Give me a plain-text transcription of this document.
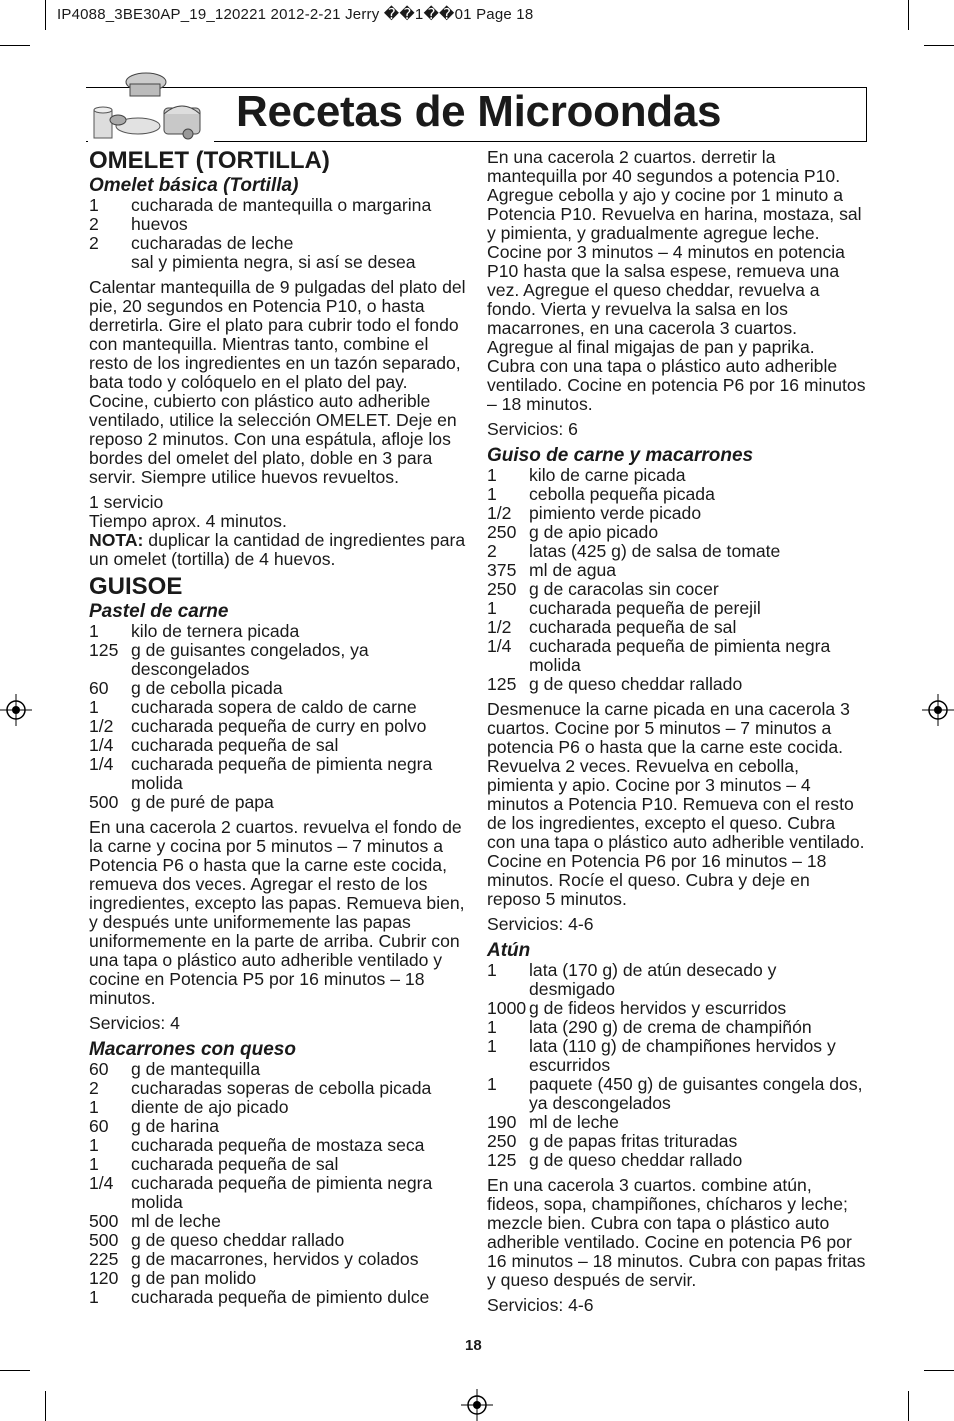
IP4088_3BE30AP_19_120221 2012-2-21 Jerry ��1��01 Page 18
Recetas de Microondas
OMELET (TORTILLA)
Omelet básica (Tortilla)
1	cucharada de mantequilla o margarina
2	huevos
2	cucharadas de leche
sal y pimienta negra, si así se desea

Calentar mantequilla de 9 pulgadas del plato del pie, 20 segundos en Potencia P10, o hasta derretirla. Gire el plato para cubrir todo el fondo con mantequilla. Mientras tanto, combine el resto de los ingredientes en un tazón separado, bata todo y colóquelo en el plato del pay. Cocine, cubierto con plástico auto adherible ventilado, utilice la selección OMELET. Deje en reposo 2 minutos. Con una espátula, afloje los bordes del omelet del plato, doble en 3 para servir. Siempre utilice huevos revueltos.

1 servicio

Tiempo aprox. 4 minutos.

NOTA: duplicar la cantidad de ingredientes para un omelet (tortilla) de 4 huevos.

GUISOE
Pastel de carne
1	kilo de ternera picada
125 g de guisantes congelados, ya descongelados
60	g de cebolla picada
1	cucharada sopera de caldo de carne
1/2 cucharada pequeña de curry en polvo
1/4 cucharada pequeña de sal
1/4 cucharada pequeña de pimienta negra molida
500 g de puré de papa

En una cacerola 2 cuartos. revuelva el fondo de la carne y cocina por 5 minutos – 7 minutos a Potencia P6 o hasta que la carne este cocida, remueva dos veces. Agregar el resto de los ingredientes, excepto las papas. Remueva bien, y después unte uniformemente las papas uniformemente en la parte de arriba. Cubrir con una tapa o plástico auto adherible ventilado y cocine en Potencia P5 por 16 minutos – 18 minutos.

Servicios: 4

Macarrones con queso
60	g de mantequilla
2	cucharadas soperas de cebolla picada
1	diente de ajo picado
60	g de harina
1	cucharada pequeña de mostaza seca
1	cucharada pequeña de sal
1/4 cucharada pequeña de pimienta negra molida
500 ml de leche
500 g de queso cheddar rallado
225 g de macarrones, hervidos y colados
120 g de pan molido
1	cucharada pequeña de pimiento dulce

En una cacerola 2 cuartos. derretir la mantequilla por 40 segundos a potencia P10. Agregue cebolla y ajo y cocine por 1 minuto a Potencia P10. Revuelva en harina, mostaza, sal y pimienta, y gradualmente agregue leche. Cocine por 3 minutos – 4 minutos en potencia P10 hasta que la salsa espese, remueva una vez. Agregue el queso cheddar, revuelva a fondo. Vierta y revuelva la salsa en los macarrones, en una cacerola 3 cuartos. Agregue al final migajas de pan y paprika. Cubra con una tapa o plástico auto adherible ventilado. Cocine en potencia P6 por 16 minutos – 18 minutos.

Servicios: 6

Guiso de carne y macarrones
1	kilo de carne picada
1	cebolla pequeña picada
1/2 pimiento verde picado
250 g de apio picado
2	latas (425 g) de salsa de tomate
375 ml de agua
250 g de caracolas sin cocer
1	cucharada pequeña de perejil
1/2 cucharada pequeña de sal
1/4 cucharada pequeña de pimienta negra molida
125 g de queso cheddar rallado

Desmenuce la carne picada en una cacerola 3 cuartos. Cocine por 5 minutos – 7 minutos a potencia P6 o hasta que la carne este cocida. Revuelva 2 veces. Revuelva en cebolla, pimienta y apio. Cocine por 3 minutos – 4 minutos a Potencia P10. Remueva con el resto de los ingredientes, excepto el queso. Cubra con una tapa o plástico auto adherible ventilado. Cocine en Potencia P6 por 16 minutos – 18 minutos. Rocíe el queso. Cubra y deje en reposo 5 minutos.

Servicios: 4-6

Atún
1	lata (170 g) de atún desecado y desmigado
1000 g de fideos hervidos y escurridos
1	lata (290 g) de crema de champiñón
1	lata (110 g) de champiñones hervidos y escurridos
1	paquete (450 g) de guisantes congela dos, ya descongelados
190 ml de leche
250 g de papas fritas trituradas
125 g de queso cheddar rallado

En una cacerola 3 cuartos. combine atún, fideos, sopa, champiñones, chícharos y leche; mezcle bien. Cubra con tapa o plástico auto adherible ventilado. Cocine en potencia P6 por 16 minutos – 18 minutos. Cubra con papas fritas y queso después de servir.

Servicios: 4-6

18
